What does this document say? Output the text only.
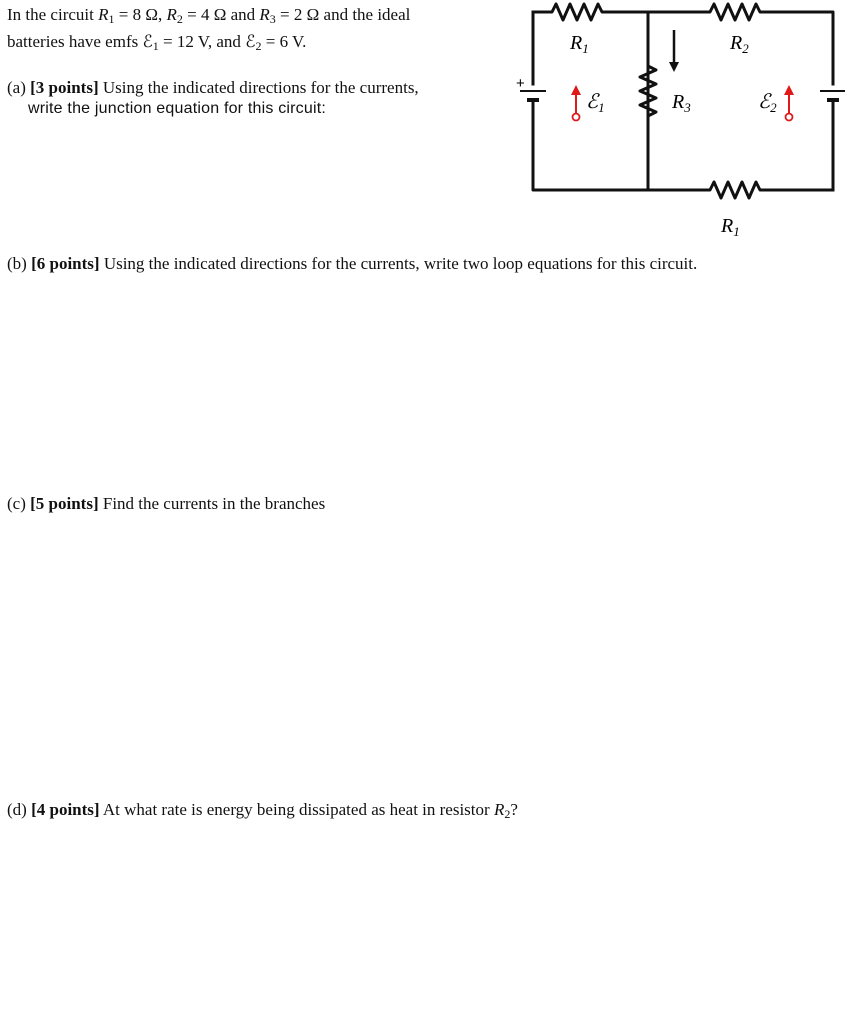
In the circuit $R_1 = 8$ Ω, $R_2 = 4$ Ω and $R_3 = 2$ Ω and the ideal
batteries have emfs ℰ$_1$ = 12 V, and ℰ$_2$ = 6 V.
(a) [3 points] Using the indicated directions for the currents,
write the junction equation for this circuit:
(b) [6 points] Using the indicated directions for the currents, write two loop equations for this circuit.
(c) [5 points] Find the currents in the branches
(d) [4 points] At what rate is energy being dissipated as heat in resistor $R_2$?
$R_1$	$R_2$
$R_3$
$R_1$
ℰ$_1$	ℰ$_2$
+
